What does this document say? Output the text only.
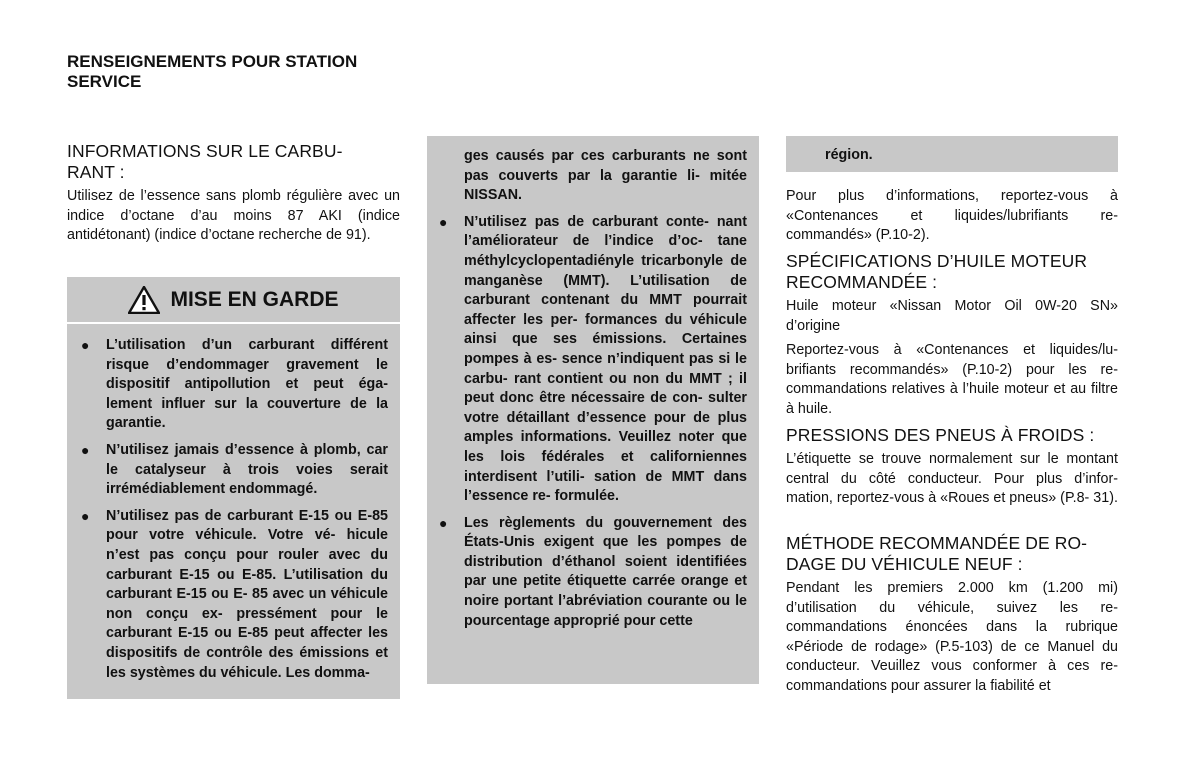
RENSEIGNEMENTS POUR STATION SERVICE
INFORMATIONS SUR LE CARBU- RANT :

Utilisez de l’essence sans plomb régulière avec un indice d’octane d’au moins 87 AKI (indice antidétonant) (indice d’octane recherche de 91).

MISE EN GARDE
● L’utilisation d’un carburant différent risque d’endommager gravement le dispositif antipollution et peut éga- lement influer sur la couverture de la garantie.
● N’utilisez jamais d’essence à plomb, car le catalyseur à trois voies serait irrémédiablement endommagé.
● N’utilisez pas de carburant E-15 ou E-85 pour votre véhicule. Votre vé- hicule n’est pas conçu pour rouler avec du carburant E-15 ou E-85. L’utilisation du carburant E-15 ou E- 85 avec un véhicule non conçu ex- pressément pour le carburant E-15 ou E-85 peut affecter les dispositifs de contrôle des émissions et les systèmes du véhicule. Les domma-

ges causés par ces carburants ne sont pas couverts par la garantie li- mitée NISSAN.

● N’utilisez pas de carburant conte- nant l’améliorateur de l’indice d’oc- tane méthylcyclopentadiényle tricarbonyle de manganèse (MMT). L’utilisation de carburant contenant du MMT pourrait affecter les per- formances du véhicule ainsi que ses émissions. Certaines pompes à es- sence n’indiquent pas si le carbu- rant contient ou non du MMT ; il peut donc être nécessaire de con- sulter votre détaillant d’essence pour de plus amples informations. Veuillez noter que les lois fédérales et californiennes interdisent l’utili- sation de MMT dans l’essence re- formulée.
● Les règlements du gouvernement des États-Unis exigent que les pompes de distribution d’éthanol soient identifiées par une petite étiquette carrée orange et noire portant l’abréviation courante ou le pourcentage approprié pour cette

région.

Pour plus d’informations, reportez-vous à «Contenances et liquides/lubrifiants re- commandés» (P.10-2).

SPÉCIFICATIONS D’HUILE MOTEUR RECOMMANDÉE :

Huile moteur «Nissan Motor Oil 0W-20 SN» d’origine

Reportez-vous à «Contenances et liquides/lu- brifiants recommandés» (P.10-2) pour les re- commandations relatives à l’huile moteur et au filtre à huile.

PRESSIONS DES PNEUS À FROIDS :

L’étiquette se trouve normalement sur le montant central du côté conducteur. Pour plus d’infor- mation, reportez-vous à «Roues et pneus» (P.8- 31).

MÉTHODE RECOMMANDÉE DE RO- DAGE DU VÉHICULE NEUF :

Pendant les premiers 2.000 km (1.200 mi) d’utilisation du véhicule, suivez les re- commandations énoncées dans la rubrique «Période de rodage» (P.5-103) de ce Manuel du conducteur. Veuillez vous conformer à ces re- commandations pour assurer la fiabilité et
